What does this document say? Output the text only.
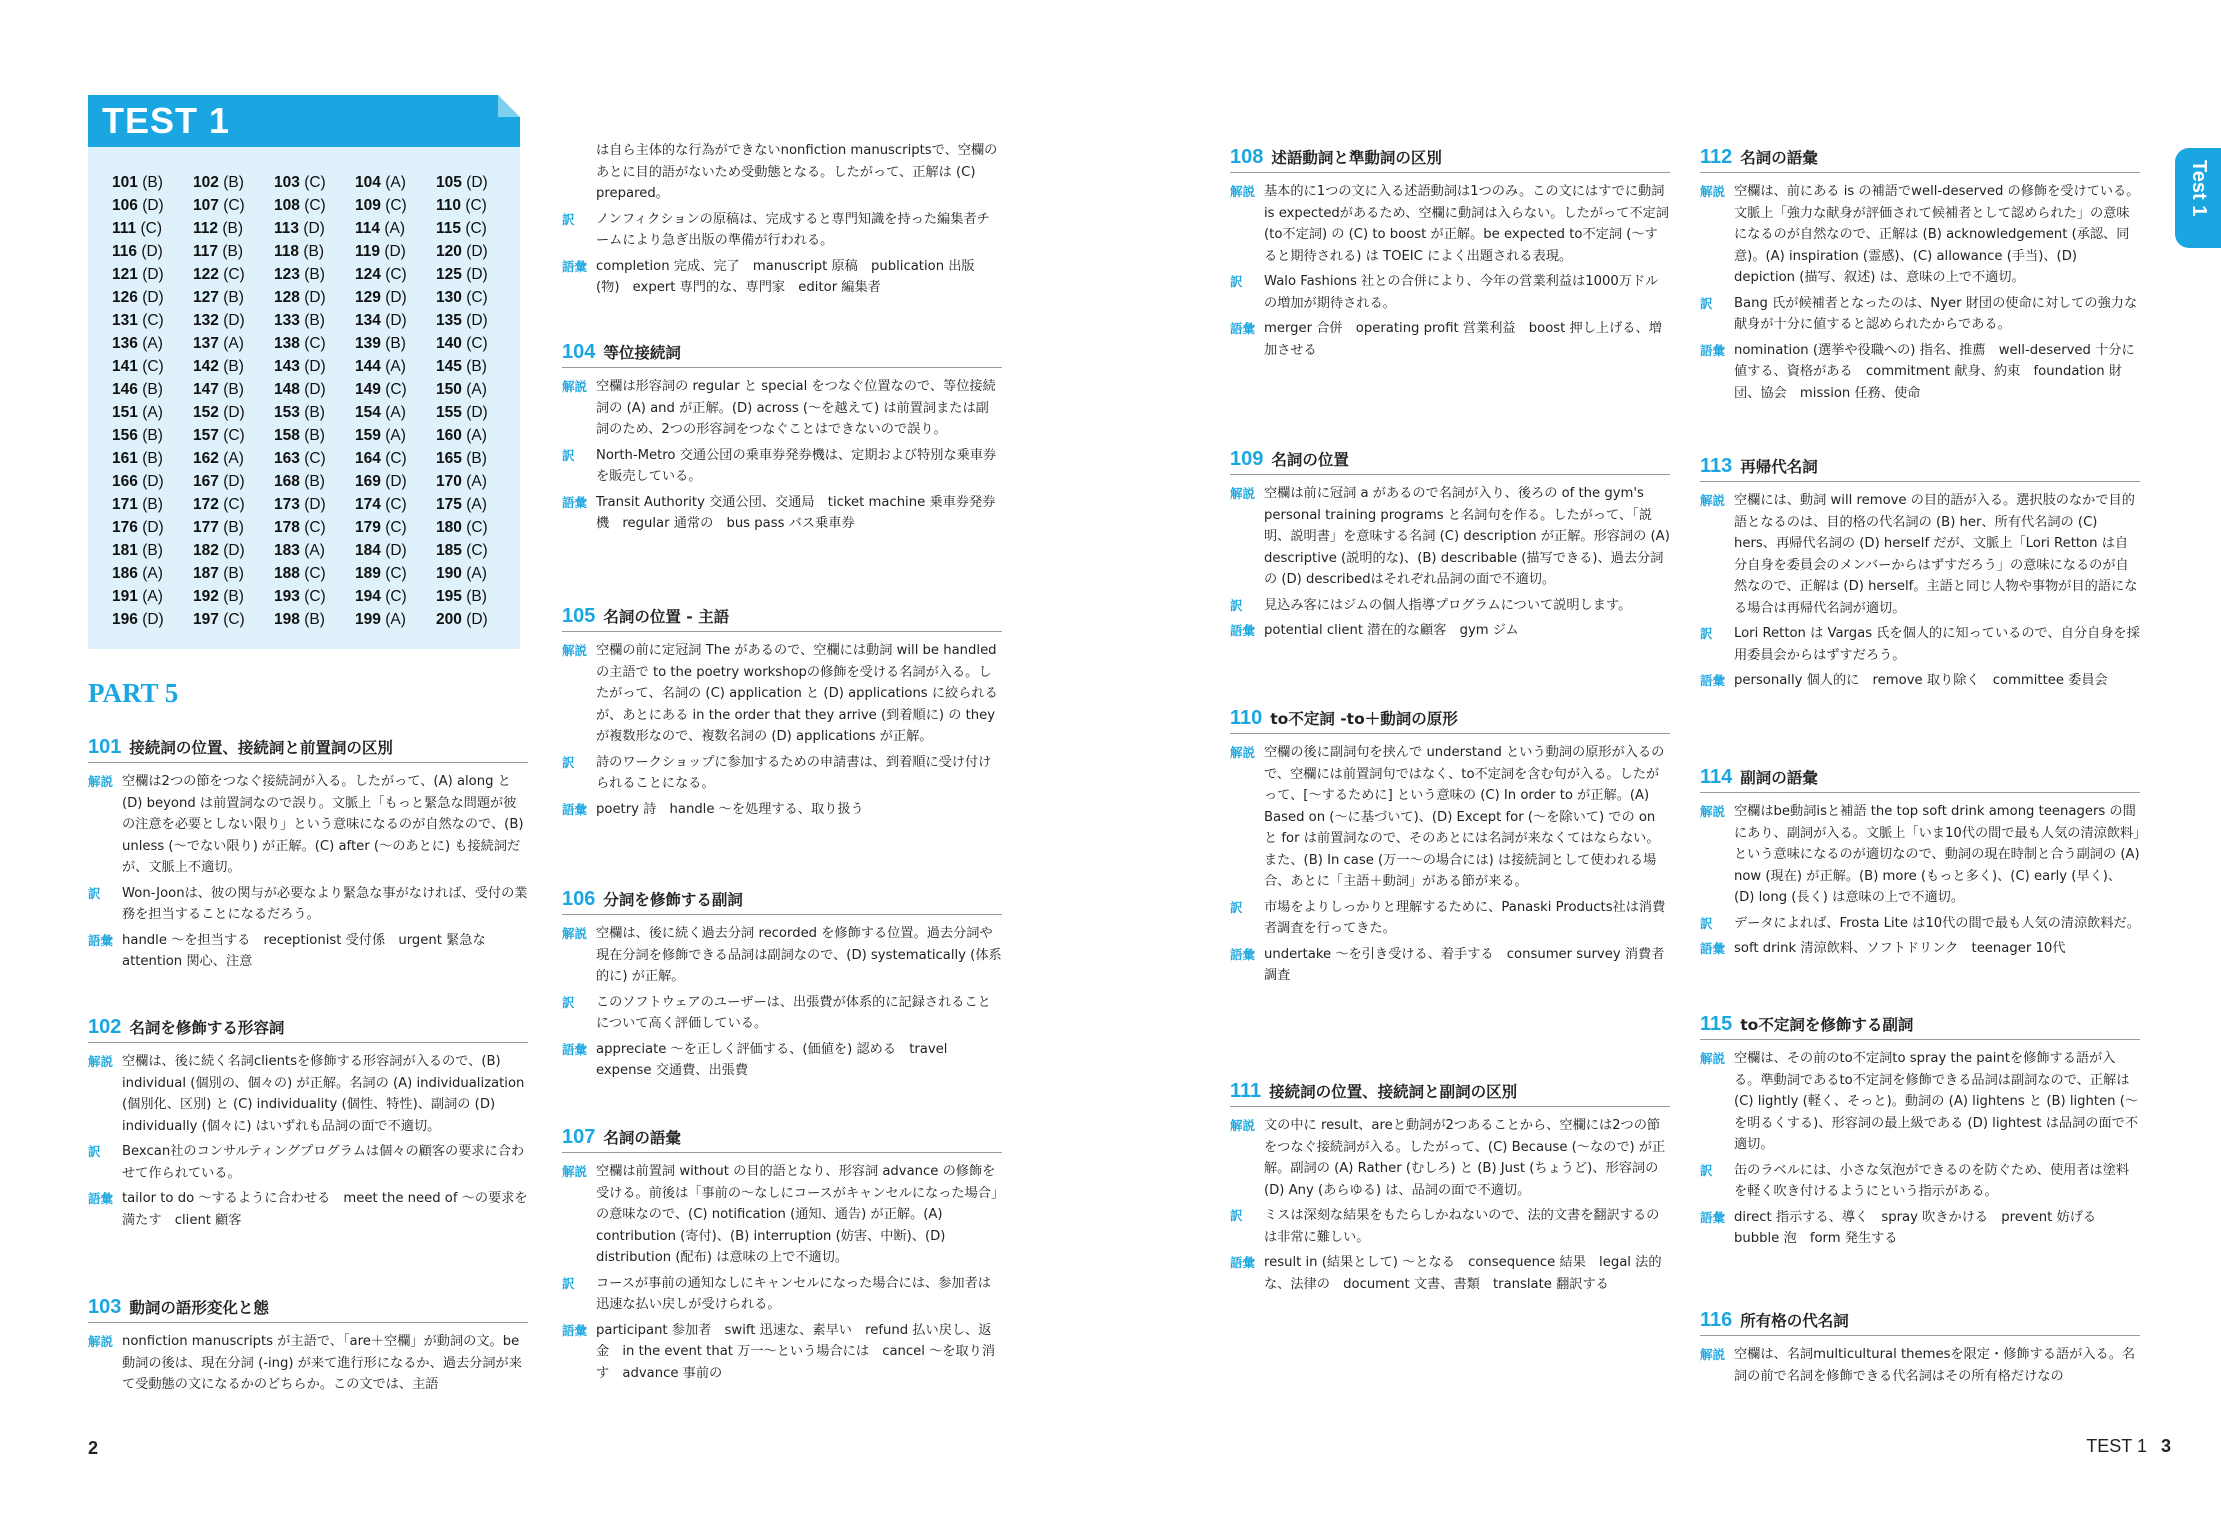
TEST 1
101 (B)	102 (B)	103 (C)	104 (A)	105 (D)
106 (D)	107 (C)	108 (C)	109 (C)	110 (C)
111 (C)	112 (B)	113 (D)	114 (A)	115 (C)
116 (D)	117 (B)	118 (B)	119 (D)	120 (D)
121 (D)	122 (C)	123 (B)	124 (C)	125 (D)
126 (D)	127 (B)	128 (D)	129 (D)	130 (C)
131 (C)	132 (D)	133 (B)	134 (D)	135 (D)
136 (A)	137 (A)	138 (C)	139 (B)	140 (C)
141 (C)	142 (B)	143 (D)	144 (A)	145 (B)
146 (B)	147 (B)	148 (D)	149 (C)	150 (A)
151 (A)	152 (D)	153 (B)	154 (A)	155 (D)
156 (B)	157 (C)	158 (B)	159 (A)	160 (A)
161 (B)	162 (A)	163 (C)	164 (C)	165 (B)
166 (D)	167 (D)	168 (B)	169 (D)	170 (A)
171 (B)	172 (C)	173 (D)	174 (C)	175 (A)
176 (D)	177 (B)	178 (C)	179 (C)	180 (C)
181 (B)	182 (D)	183 (A)	184 (D)	185 (C)
186 (A)	187 (B)	188 (C)	189 (C)	190 (A)
191 (A)	192 (B)	193 (C)	194 (C)	195 (B)
196 (D)	197 (C)	198 (B)	199 (A)	200 (D)
PART 5
101 接続詞の位置、接続詞と前置詞の区別
解説 空欄は2つの節をつなぐ接続詞が入る。したがって、(A) along と (D) beyond は前置詞なので誤り。文脈上「もっと緊急な問題が彼の注意を必要としない限り」という意味になるのが自然なので、(B) unless (〜でない限り) が正解。(C) after (〜のあとに) も接続詞だが、文脈上不適切。
訳	Won-Joonは、彼の関与が必要なより緊急な事がなければ、受付の業務を担当することになるだろう。
語彙 handle 〜を担当する　receptionist 受付係　urgent 緊急な　attention 関心、注意
102 名詞を修飾する形容詞
解説 空欄は、後に続く名詞clientsを修飾する形容詞が入るので、(B) individual (個別の、個々の) が正解。名詞の (A) individualization (個別化、区別) と (C) individuality (個性、特性)、副詞の (D) individually (個々に) はいずれも品詞の面で不適切。
訳	Bexcan社のコンサルティングプログラムは個々の顧客の要求に合わせて作られている。
語彙 tailor to do 〜するように合わせる　meet the need of 〜の要求を満たす　client 顧客
103 動詞の語形変化と態
解説 nonfiction manuscripts が主語で、「are＋空欄」が動詞の文。be動詞の後は、現在分詞 (-ing) が来て進行形になるか、過去分詞が来て受動態の文になるかのどちらか。この文では、主語
は自ら主体的な行為ができないnonfiction manuscriptsで、空欄のあとに目的語がないため受動態となる。したがって、正解は (C) prepared。
訳	ノンフィクションの原稿は、完成すると専門知識を持った編集者チームにより急ぎ出版の準備が行われる。
語彙 completion 完成、完了　manuscript 原稿　publication 出版 (物)　expert 専門的な、専門家　editor 編集者
104 等位接続詞
解説 空欄は形容詞の regular と special をつなぐ位置なので、等位接続詞の (A) and が正解。(D) across (〜を越えて) は前置詞または副詞のため、2つの形容詞をつなぐことはできないので誤り。
訳	North-Metro 交通公団の乗車券発券機は、定期および特別な乗車券を販売している。
語彙 Transit Authority 交通公団、交通局　ticket machine 乗車券発券機　regular 通常の　bus pass バス乗車券
105 名詞の位置 - 主語
解説 空欄の前に定冠詞 The があるので、空欄には動詞 will be handled の主語で to the poetry workshopの修飾を受ける名詞が入る。したがって、名詞の (C) application と (D) applications に絞られるが、あとにある in the order that they arrive (到着順に) の they が複数形なので、複数名詞の (D) applications が正解。
訳	詩のワークショップに参加するための申請書は、到着順に受け付けられることになる。
語彙 poetry 詩　handle 〜を処理する、取り扱う
106 分詞を修飾する副詞
解説 空欄は、後に続く過去分詞 recorded を修飾する位置。過去分詞や現在分詞を修飾できる品詞は副詞なので、(D) systematically (体系的に) が正解。
訳	このソフトウェアのユーザーは、出張費が体系的に記録されることについて高く評価している。
語彙 appreciate 〜を正しく評価する、(価値を) 認める　travel expense 交通費、出張費
107 名詞の語彙
解説 空欄は前置詞 without の目的語となり、形容詞 advance の修飾を受ける。前後は「事前の〜なしにコースがキャンセルになった場合」の意味なので、(C) notification (通知、通告) が正解。(A) contribution (寄付)、(B) interruption (妨害、中断)、(D) distribution (配布) は意味の上で不適切。
訳	コースが事前の通知なしにキャンセルになった場合には、参加者は迅速な払い戻しが受けられる。
語彙 participant 参加者　swift 迅速な、素早い　refund 払い戻し、返金　in the event that 万一〜という場合には　cancel 〜を取り消す　advance 事前の
108 述語動詞と準動詞の区別
解説 基本的に1つの文に入る述語動詞は1つのみ。この文にはすでに動詞is expectedがあるため、空欄に動詞は入らない。したがって不定詞 (to不定詞) の (C) to boost が正解。be expected to不定詞 (〜すると期待される) は TOEIC によく出題される表現。
訳	Walo Fashions 社との合併により、今年の営業利益は1000万ドルの増加が期待される。
語彙 merger 合併　operating profit 営業利益　boost 押し上げる、増加させる
109 名詞の位置
解説 空欄は前に冠詞 a があるので名詞が入り、後ろの of the gym's personal training programs と名詞句を作る。したがって、「説明、説明書」を意味する名詞 (C) description が正解。形容詞の (A) descriptive (説明的な)、(B) describable (描写できる)、過去分詞の (D) describedはそれぞれ品詞の面で不適切。
訳	見込み客にはジムの個人指導プログラムについて説明します。
語彙 potential client 潜在的な顧客　gym ジム
110 to不定詞 -to＋動詞の原形
解説 空欄の後に副詞句を挟んで understand という動詞の原形が入るので、空欄には前置詞句ではなく、to不定詞を含む句が入る。したがって、[〜するために] という意味の (C) In order to が正解。(A) Based on (〜に基づいて)、(D) Except for (〜を除いて) での on と for は前置詞なので、そのあとには名詞が来なくてはならない。また、(B) In case (万一〜の場合には) は接続詞として使われる場合、あとに「主語＋動詞」がある節が来る。
訳	市場をよりしっかりと理解するために、Panaski Products社は消費者調査を行ってきた。
語彙 undertake 〜を引き受ける、着手する　consumer survey 消費者調査
111 接続詞の位置、接続詞と副詞の区別
解説 文の中に result、areと動詞が2つあることから、空欄には2つの節をつなぐ接続詞が入る。したがって、(C) Because (〜なので) が正解。副詞の (A) Rather (むしろ) と (B) Just (ちょうど)、形容詞の (D) Any (あらゆる) は、品詞の面で不適切。
訳	ミスは深刻な結果をもたらしかねないので、法的文書を翻訳するのは非常に難しい。
語彙 result in (結果として) 〜となる　consequence 結果　legal 法的な、法律の　document 文書、書類　translate 翻訳する
112 名詞の語彙
解説 空欄は、前にある is の補語でwell-deserved の修飾を受けている。文脈上「強力な献身が評価されて候補者として認められた」の意味になるのが自然なので、正解は (B) acknowledgement (承認、同意)。(A) inspiration (霊感)、(C) allowance (手当)、(D) depiction (描写、叙述) は、意味の上で不適切。
訳	Bang 氏が候補者となったのは、Nyer 財団の使命に対しての強力な献身が十分に値すると認められたからである。
語彙 nomination (選挙や役職への) 指名、推薦　well-deserved 十分に値する、資格がある　commitment 献身、約束　foundation 財団、協会　mission 任務、使命
113 再帰代名詞
解説 空欄には、動詞 will remove の目的語が入る。選択肢のなかで目的語となるのは、目的格の代名詞の (B) her、所有代名詞の (C) hers、再帰代名詞の (D) herself だが、文脈上「Lori Retton は自分自身を委員会のメンバーからはずすだろう」の意味になるのが自然なので、正解は (D) herself。主語と同じ人物や事物が目的語になる場合は再帰代名詞が適切。
訳	Lori Retton は Vargas 氏を個人的に知っているので、自分自身を採用委員会からはずすだろう。
語彙 personally 個人的に　remove 取り除く　committee 委員会
114 副詞の語彙
解説 空欄はbe動詞isと補語 the top soft drink among teenagers の間にあり、副詞が入る。文脈上「いま10代の間で最も人気の清涼飲料」という意味になるのが適切なので、動詞の現在時制と合う副詞の (A) now (現在) が正解。(B) more (もっと多く)、(C) early (早く)、(D) long (長く) は意味の上で不適切。
訳	データによれば、Frosta Lite は10代の間で最も人気の清涼飲料だ。
語彙 soft drink 清涼飲料、ソフトドリンク　teenager 10代
115 to不定詞を修飾する副詞
解説 空欄は、その前のto不定詞to spray the paintを修飾する語が入る。準動詞であるto不定詞を修飾できる品詞は副詞なので、正解は (C) lightly (軽く、そっと)。動詞の (A) lightens と (B) lighten (〜を明るくする)、形容詞の最上級である (D) lightest は品詞の面で不適切。
訳	缶のラベルには、小さな気泡ができるのを防ぐため、使用者は塗料を軽く吹き付けるようにという指示がある。
語彙 direct 指示する、導く　spray 吹きかける　prevent 妨げる　bubble 泡　form 発生する
116 所有格の代名詞
解説 空欄は、名詞multicultural themesを限定・修飾する語が入る。名詞の前で名詞を修飾できる代名詞はその所有格だけなの
2	TEST 1 3
Test 1
